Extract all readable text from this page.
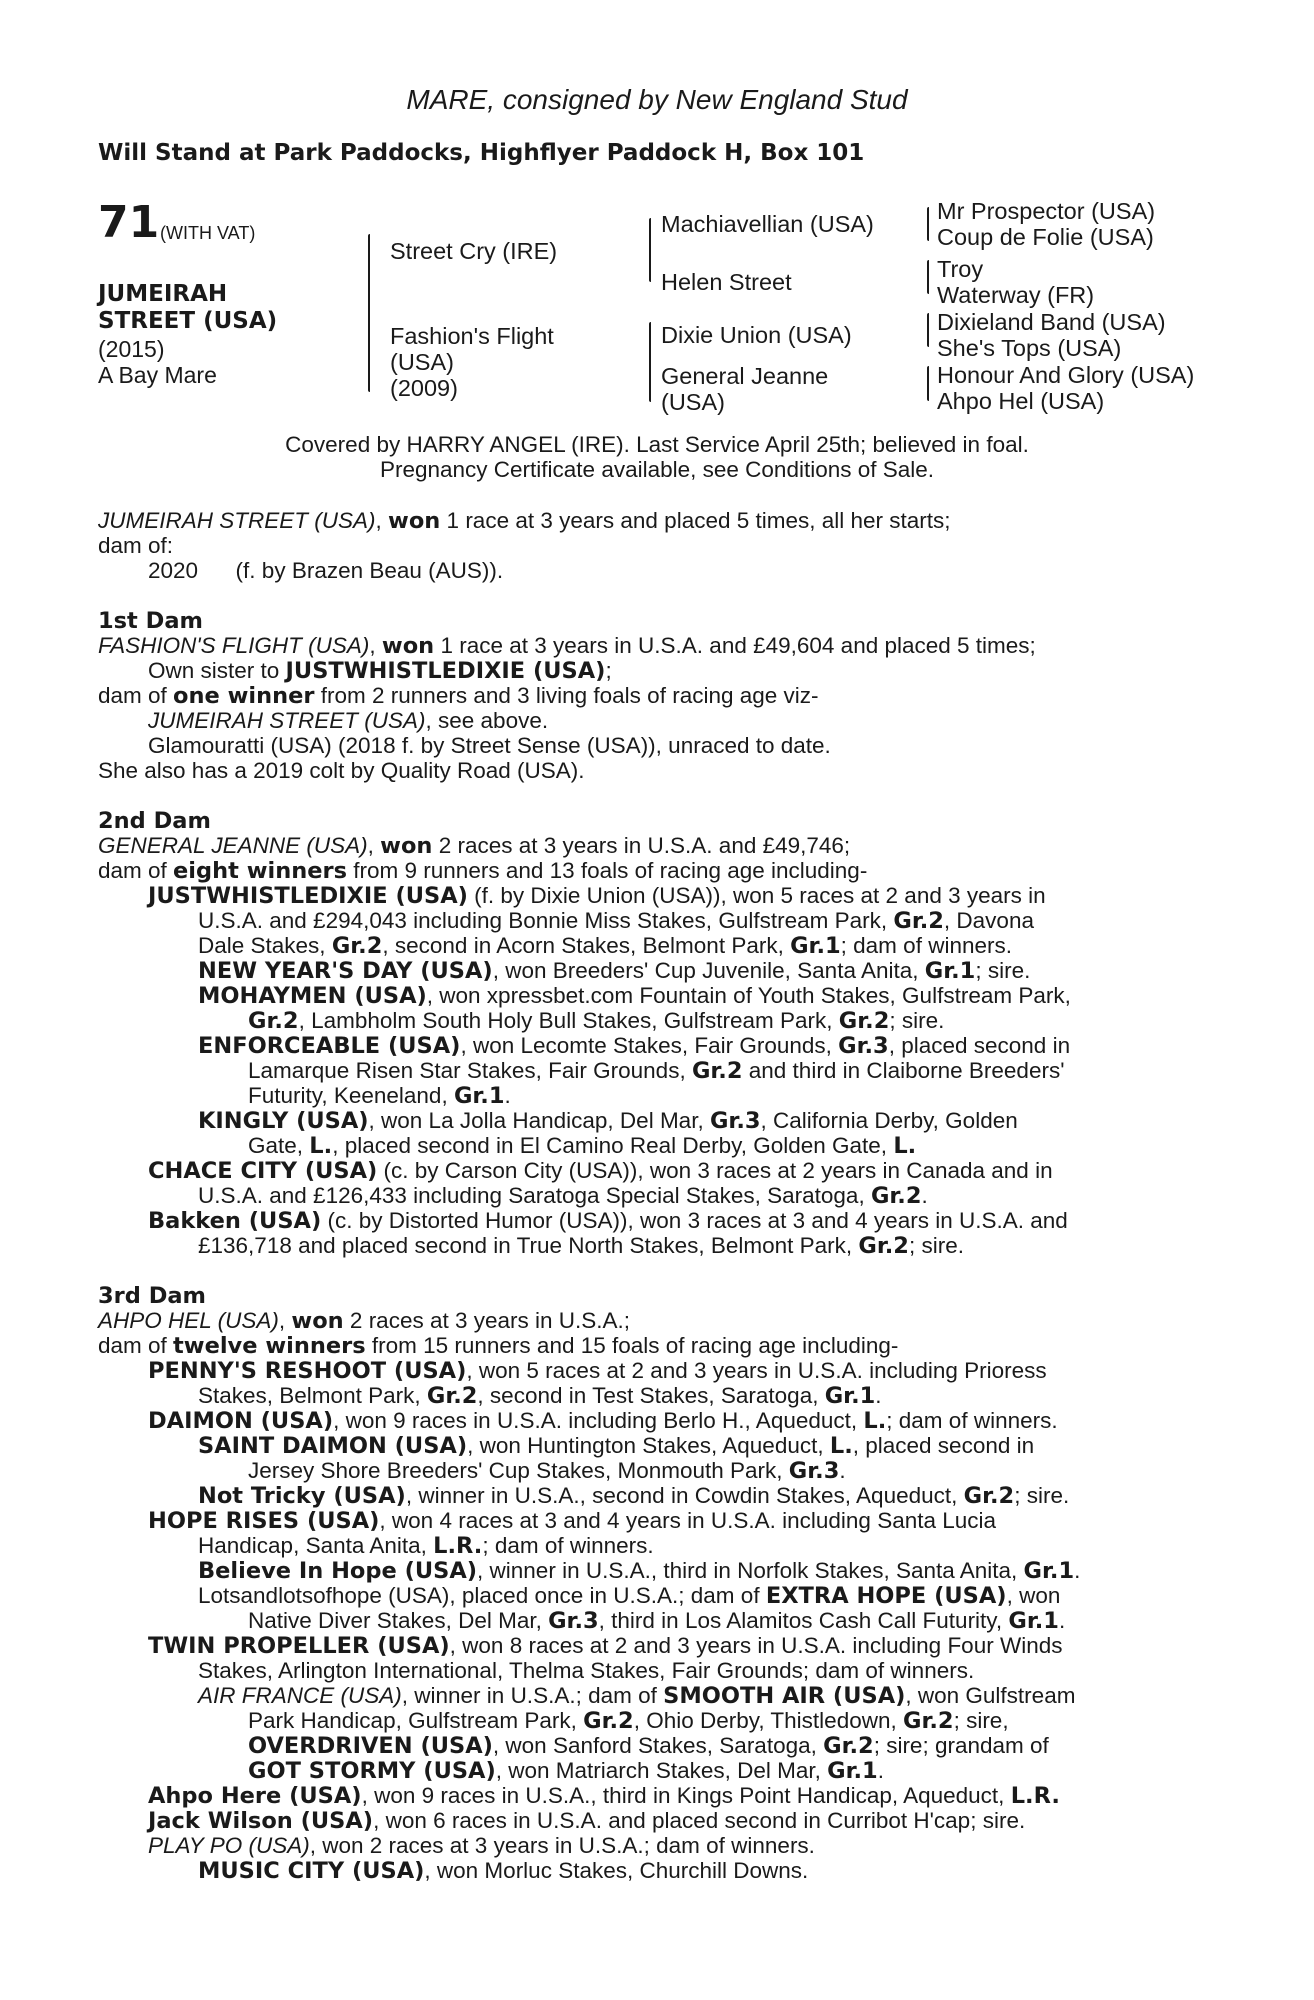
MARE, consigned by New England Stud
Will Stand at Park Paddocks, Highflyer Paddock H, Box 101
71 (WITH VAT)
JUMEIRAH
STREET (USA)
(2015)
A Bay Mare
Street Cry (IRE)
Fashion's Flight
(USA)
(2009)
Machiavellian (USA)
Helen Street
Dixie Union (USA)
General Jeanne
(USA)
Mr Prospector (USA)
Coup de Folie (USA)
Troy
Waterway (FR)
Dixieland Band (USA)
She's Tops (USA)
Honour And Glory (USA)
Ahpo Hel (USA)
Covered by HARRY ANGEL (IRE). Last Service April 25th; believed in foal.
Pregnancy Certificate available, see Conditions of Sale.
JUMEIRAH STREET (USA), won 1 race at 3 years and placed 5 times, all her starts;
dam of:
2020      (f. by Brazen Beau (AUS)).
1st Dam
FASHION'S FLIGHT (USA), won 1 race at 3 years in U.S.A. and £49,604 and placed 5 times;
Own sister to JUSTWHISTLEDIXIE (USA);
dam of one winner from 2 runners and 3 living foals of racing age viz-
JUMEIRAH STREET (USA), see above.
Glamouratti (USA) (2018 f. by Street Sense (USA)), unraced to date.
She also has a 2019 colt by Quality Road (USA).
2nd Dam
GENERAL JEANNE (USA), won 2 races at 3 years in U.S.A. and £49,746;
dam of eight winners from 9 runners and 13 foals of racing age including-
JUSTWHISTLEDIXIE (USA) (f. by Dixie Union (USA)), won 5 races at 2 and 3 years in
U.S.A. and £294,043 including Bonnie Miss Stakes, Gulfstream Park, Gr.2, Davona
Dale Stakes, Gr.2, second in Acorn Stakes, Belmont Park, Gr.1; dam of winners.
NEW YEAR'S DAY (USA), won Breeders' Cup Juvenile, Santa Anita, Gr.1; sire.
MOHAYMEN (USA), won xpressbet.com Fountain of Youth Stakes, Gulfstream Park,
Gr.2, Lambholm South Holy Bull Stakes, Gulfstream Park, Gr.2; sire.
ENFORCEABLE (USA), won Lecomte Stakes, Fair Grounds, Gr.3, placed second in
Lamarque Risen Star Stakes, Fair Grounds, Gr.2 and third in Claiborne Breeders'
Futurity, Keeneland, Gr.1.
KINGLY (USA), won La Jolla Handicap, Del Mar, Gr.3, California Derby, Golden
Gate, L., placed second in El Camino Real Derby, Golden Gate, L.
CHACE CITY (USA) (c. by Carson City (USA)), won 3 races at 2 years in Canada and in
U.S.A. and £126,433 including Saratoga Special Stakes, Saratoga, Gr.2.
Bakken (USA) (c. by Distorted Humor (USA)), won 3 races at 3 and 4 years in U.S.A. and
£136,718 and placed second in True North Stakes, Belmont Park, Gr.2; sire.
3rd Dam
AHPO HEL (USA), won 2 races at 3 years in U.S.A.;
dam of twelve winners from 15 runners and 15 foals of racing age including-
PENNY'S RESHOOT (USA), won 5 races at 2 and 3 years in U.S.A. including Prioress
Stakes, Belmont Park, Gr.2, second in Test Stakes, Saratoga, Gr.1.
DAIMON (USA), won 9 races in U.S.A. including Berlo H., Aqueduct, L.; dam of winners.
SAINT DAIMON (USA), won Huntington Stakes, Aqueduct, L., placed second in
Jersey Shore Breeders' Cup Stakes, Monmouth Park, Gr.3.
Not Tricky (USA), winner in U.S.A., second in Cowdin Stakes, Aqueduct, Gr.2; sire.
HOPE RISES (USA), won 4 races at 3 and 4 years in U.S.A. including Santa Lucia
Handicap, Santa Anita, L.R.; dam of winners.
Believe In Hope (USA), winner in U.S.A., third in Norfolk Stakes, Santa Anita, Gr.1.
Lotsandlotsofhope (USA), placed once in U.S.A.; dam of EXTRA HOPE (USA), won
Native Diver Stakes, Del Mar, Gr.3, third in Los Alamitos Cash Call Futurity, Gr.1.
TWIN PROPELLER (USA), won 8 races at 2 and 3 years in U.S.A. including Four Winds
Stakes, Arlington International, Thelma Stakes, Fair Grounds; dam of winners.
AIR FRANCE (USA), winner in U.S.A.; dam of SMOOTH AIR (USA), won Gulfstream
Park Handicap, Gulfstream Park, Gr.2, Ohio Derby, Thistledown, Gr.2; sire,
OVERDRIVEN (USA), won Sanford Stakes, Saratoga, Gr.2; sire; grandam of
GOT STORMY (USA), won Matriarch Stakes, Del Mar, Gr.1.
Ahpo Here (USA), won 9 races in U.S.A., third in Kings Point Handicap, Aqueduct, L.R.
Jack Wilson (USA), won 6 races in U.S.A. and placed second in Curribot H'cap; sire.
PLAY PO (USA), won 2 races at 3 years in U.S.A.; dam of winners.
MUSIC CITY (USA), won Morluc Stakes, Churchill Downs.
